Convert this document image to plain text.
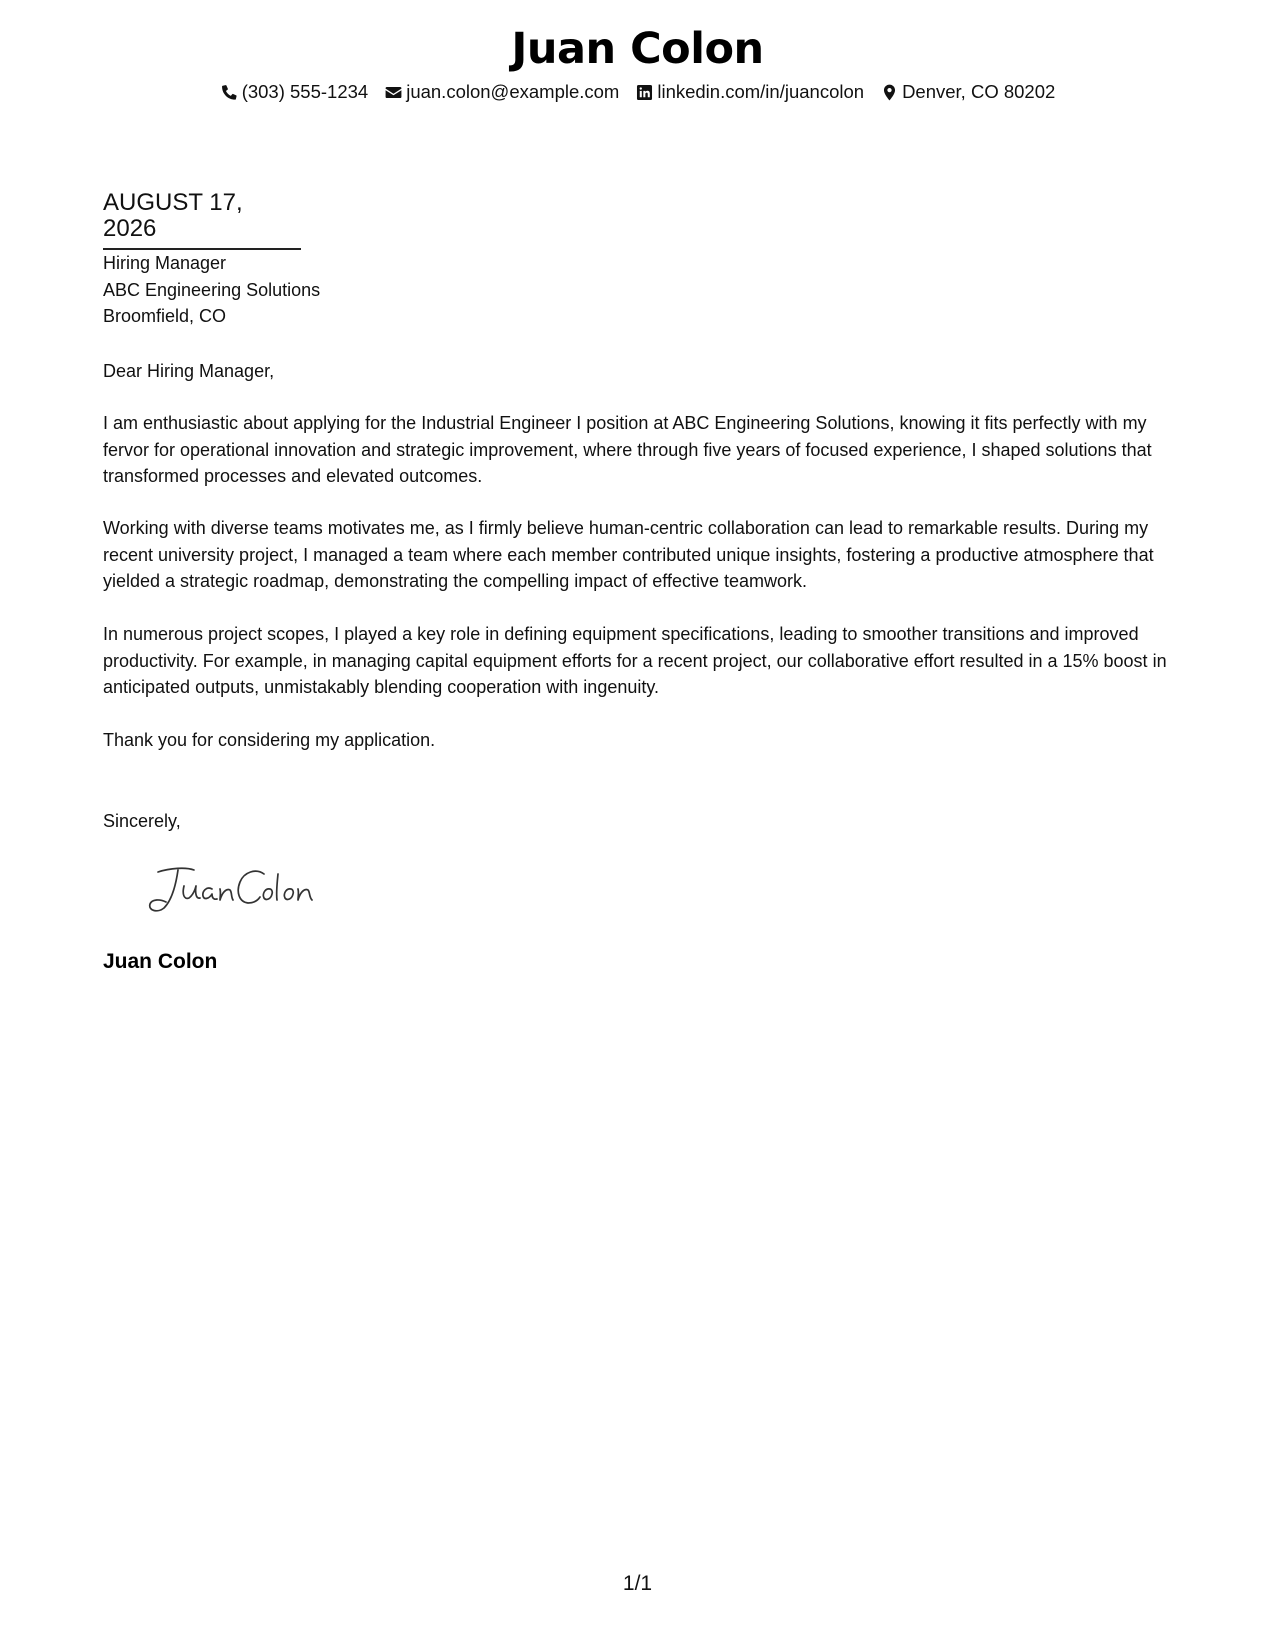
Juan Colon
(303) 555-1234 juan.colon@example.com linkedin.com/in/juancolon Denver, CO 80202
AUGUST 17, 2026
Hiring Manager
ABC Engineering Solutions
Broomfield, CO
Dear Hiring Manager,
I am enthusiastic about applying for the Industrial Engineer I position at ABC Engineering Solutions, knowing it fits perfectly with my fervor for operational innovation and strategic improvement, where through five years of focused experience, I shaped solutions that transformed processes and elevated outcomes.
Working with diverse teams motivates me, as I firmly believe human-centric collaboration can lead to remarkable results. During my recent university project, I managed a team where each member contributed unique insights, fostering a productive atmosphere that yielded a strategic roadmap, demonstrating the compelling impact of effective teamwork.
In numerous project scopes, I played a key role in defining equipment specifications, leading to smoother transitions and improved productivity. For example, in managing capital equipment efforts for a recent project, our collaborative effort resulted in a 15% boost in anticipated outputs, unmistakably blending cooperation with ingenuity.
Thank you for considering my application.
Sincerely,
Juan Colon
1/1
